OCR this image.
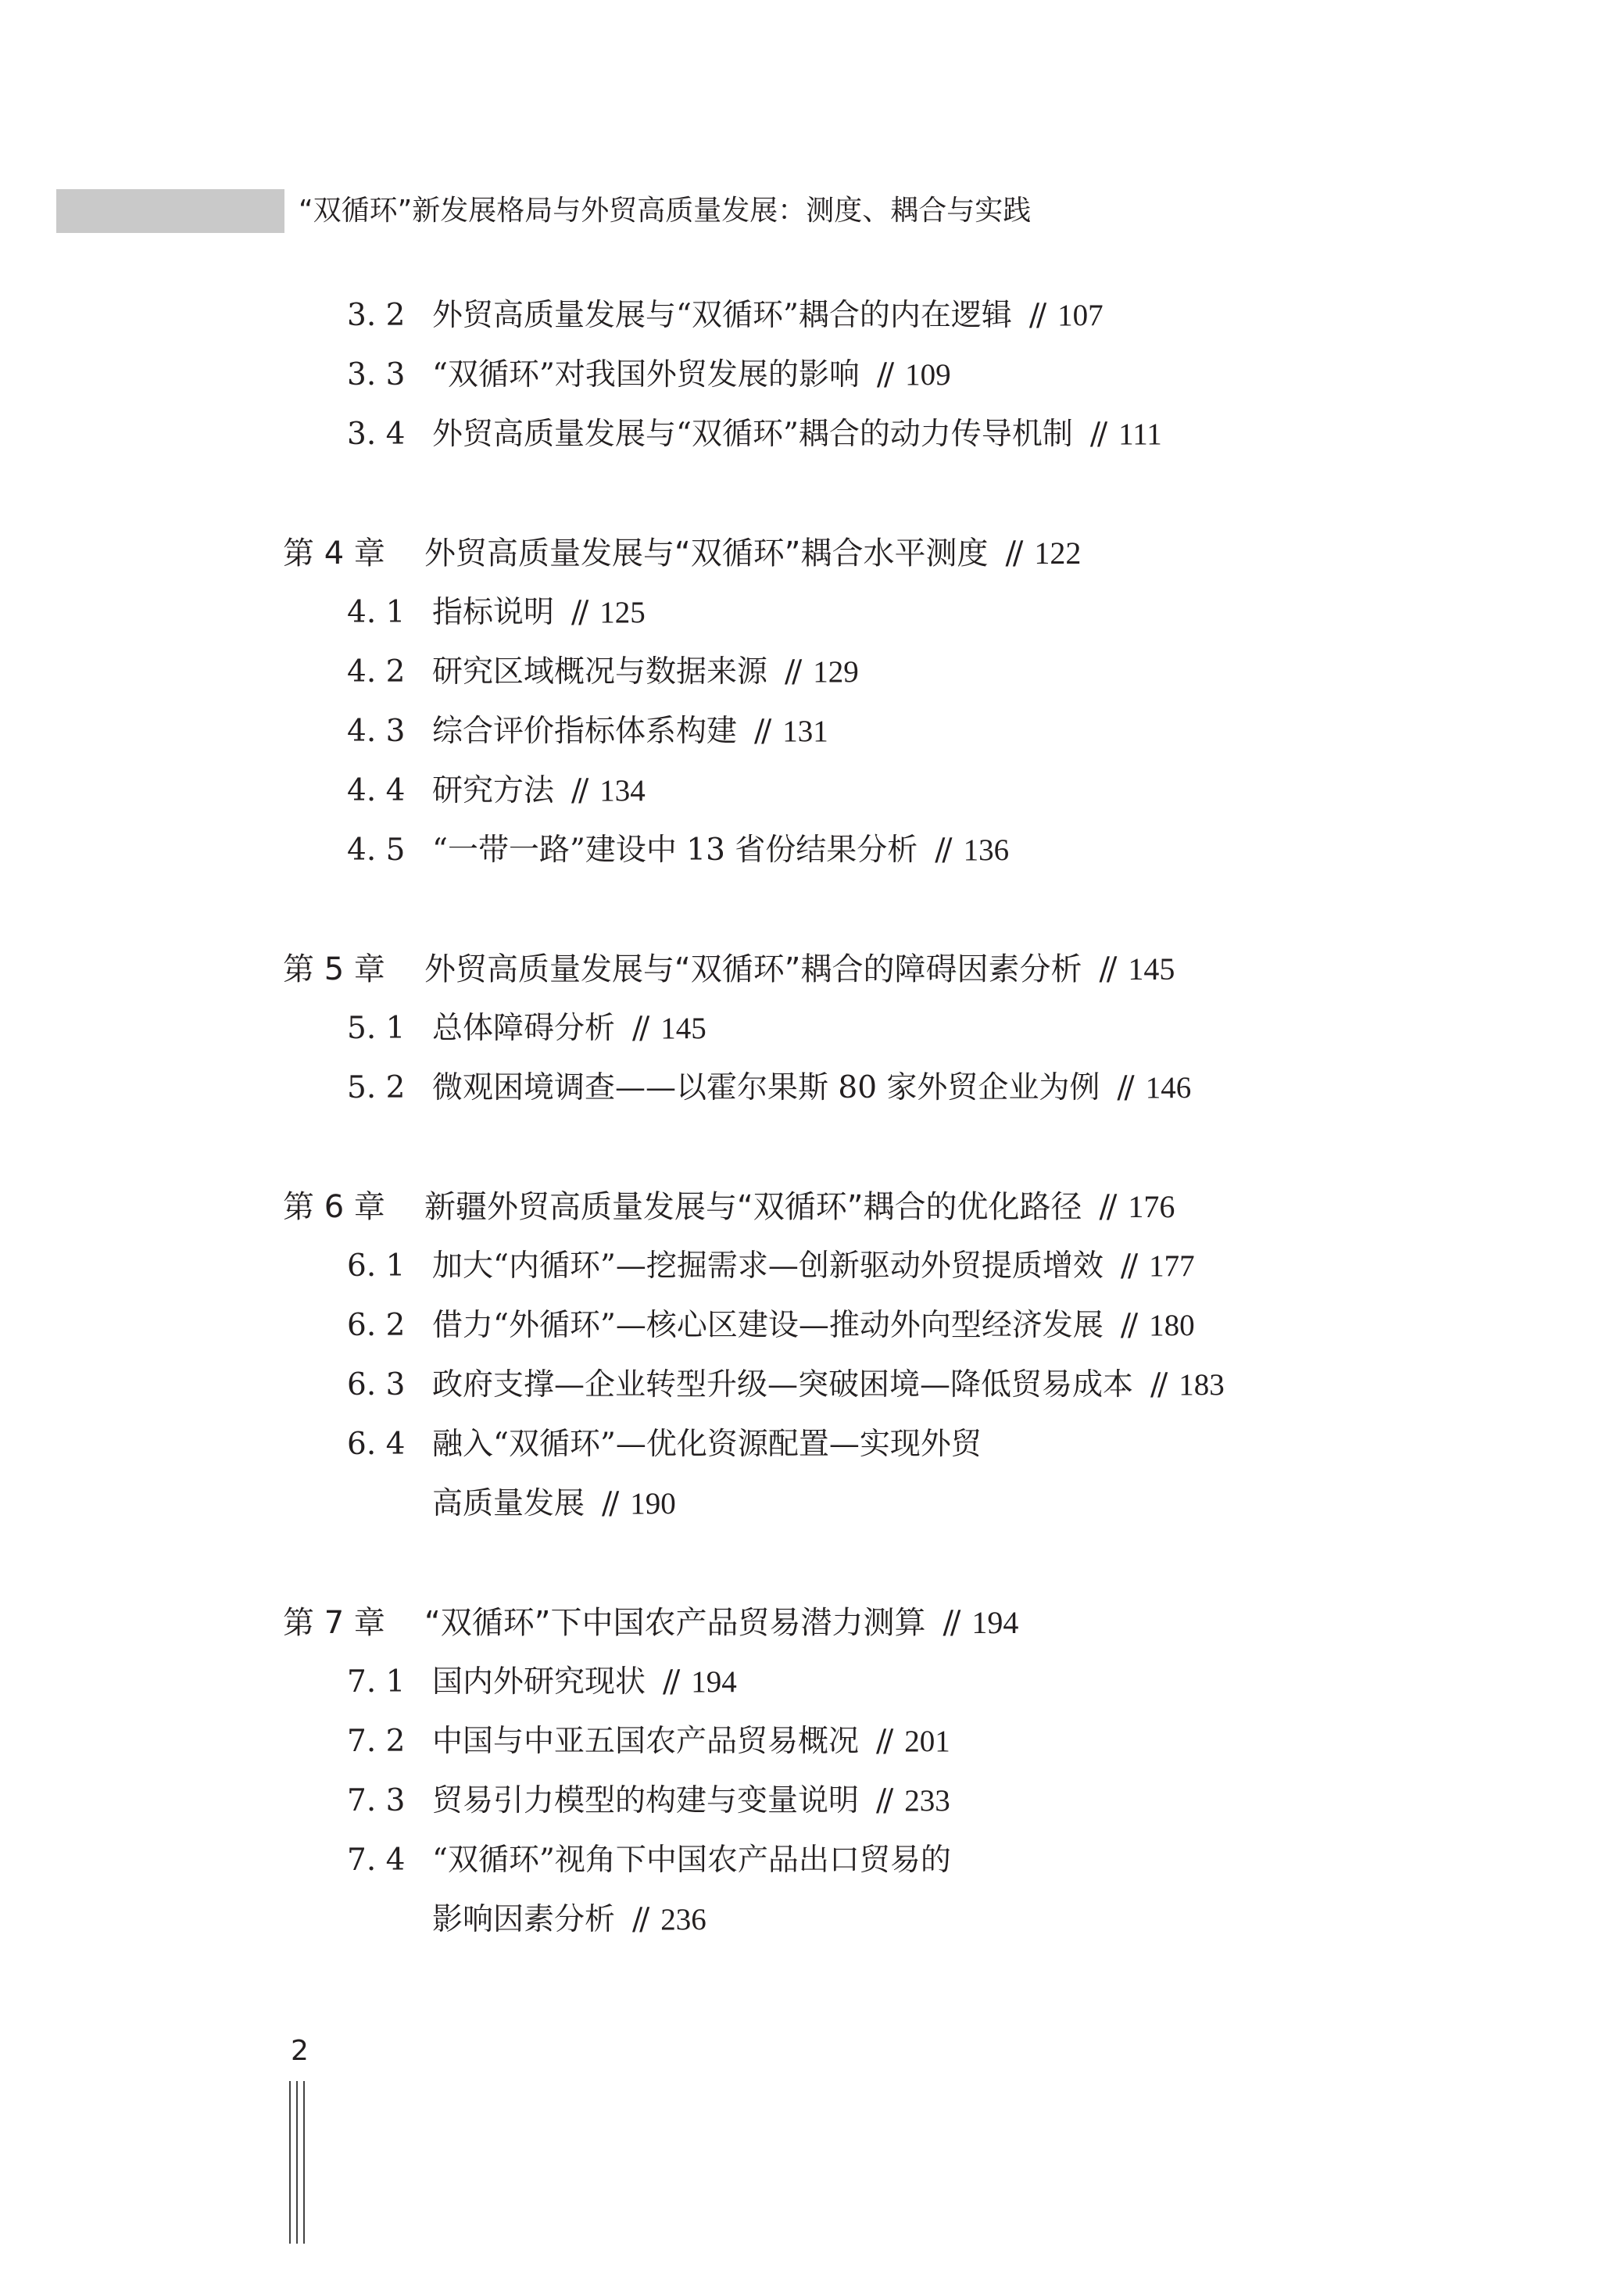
“双循环”新发展格局与外贸高质量发展：测度、耦合与实践
3. 2 外贸高质量发展与“双循环”耦合的内在逻辑 // 107
3. 3 “双循环”对我国外贸发展的影响 // 109
3. 4 外贸高质量发展与“双循环”耦合的动力传导机制 // 111
第 4 章 外贸高质量发展与“双循环”耦合水平测度 // 122
4. 1 指标说明 // 125
4. 2 研究区域概况与数据来源 // 129
4. 3 综合评价指标体系构建 // 131
4. 4 研究方法 // 134
4. 5 “一带一路”建设中 13 省份结果分析 // 136
第 5 章 外贸高质量发展与“双循环”耦合的障碍因素分析 // 145
5. 1 总体障碍分析 // 145
5. 2 微观困境调查——以霍尔果斯 80 家外贸企业为例 // 146
第 6 章 新疆外贸高质量发展与“双循环”耦合的优化路径 // 176
6. 1 加大“内循环”—挖掘需求—创新驱动外贸提质增效 // 177
6. 2 借力“外循环”—核心区建设—推动外向型经济发展 // 180
6. 3 政府支撑—企业转型升级—突破困境—降低贸易成本 // 183
6. 4 融入“双循环”—优化资源配置—实现外贸
高质量发展 // 190
第 7 章 “双循环”下中国农产品贸易潜力测算 // 194
7. 1 国内外研究现状 // 194
7. 2 中国与中亚五国农产品贸易概况 // 201
7. 3 贸易引力模型的构建与变量说明 // 233
7. 4 “双循环”视角下中国农产品出口贸易的
影响因素分析 // 236
2
